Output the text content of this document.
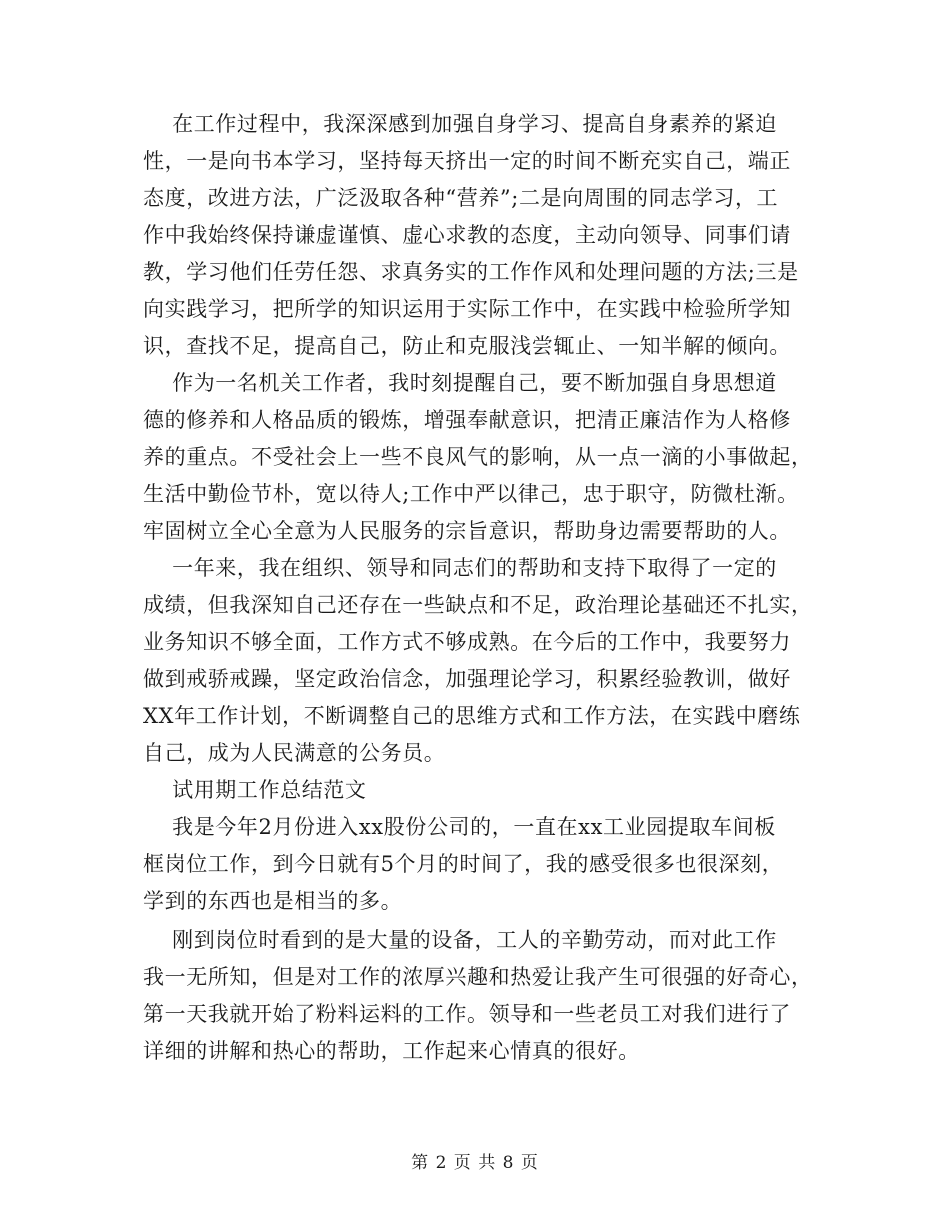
在工作过程中，我深深感到加强自身学习、提高自身素养的紧迫
性，一是向书本学习，坚持每天挤出一定的时间不断充实自己，端正
态度，改进方法，广泛汲取各种“营养”;二是向周围的同志学习，工
作中我始终保持谦虚谨慎、虚心求教的态度，主动向领导、同事们请
教，学习他们任劳任怨、求真务实的工作作风和处理问题的方法;三是
向实践学习，把所学的知识运用于实际工作中，在实践中检验所学知
识，查找不足，提高自己，防止和克服浅尝辄止、一知半解的倾向。
作为一名机关工作者，我时刻提醒自己，要不断加强自身思想道
德的修养和人格品质的锻炼，增强奉献意识，把清正廉洁作为人格修
养的重点。不受社会上一些不良风气的影响，从一点一滴的小事做起，
生活中勤俭节朴，宽以待人;工作中严以律己，忠于职守，防微杜渐。
牢固树立全心全意为人民服务的宗旨意识，帮助身边需要帮助的人。
一年来，我在组织、领导和同志们的帮助和支持下取得了一定的
成绩，但我深知自己还存在一些缺点和不足，政治理论基础还不扎实，
业务知识不够全面，工作方式不够成熟。在今后的工作中，我要努力
做到戒骄戒躁，坚定政治信念，加强理论学习，积累经验教训，做好
XX年工作计划，不断调整自己的思维方式和工作方法，在实践中磨练
自己，成为人民满意的公务员。
试用期工作总结范文
我是今年2月份进入xx股份公司的，一直在xx工业园提取车间板
框岗位工作，到今日就有5个月的时间了，我的感受很多也很深刻，
学到的东西也是相当的多。
刚到岗位时看到的是大量的设备，工人的辛勤劳动，而对此工作
我一无所知，但是对工作的浓厚兴趣和热爱让我产生可很强的好奇心，
第一天我就开始了粉料运料的工作。领导和一些老员工对我们进行了
详细的讲解和热心的帮助，工作起来心情真的很好。
第 2 页 共 8 页
